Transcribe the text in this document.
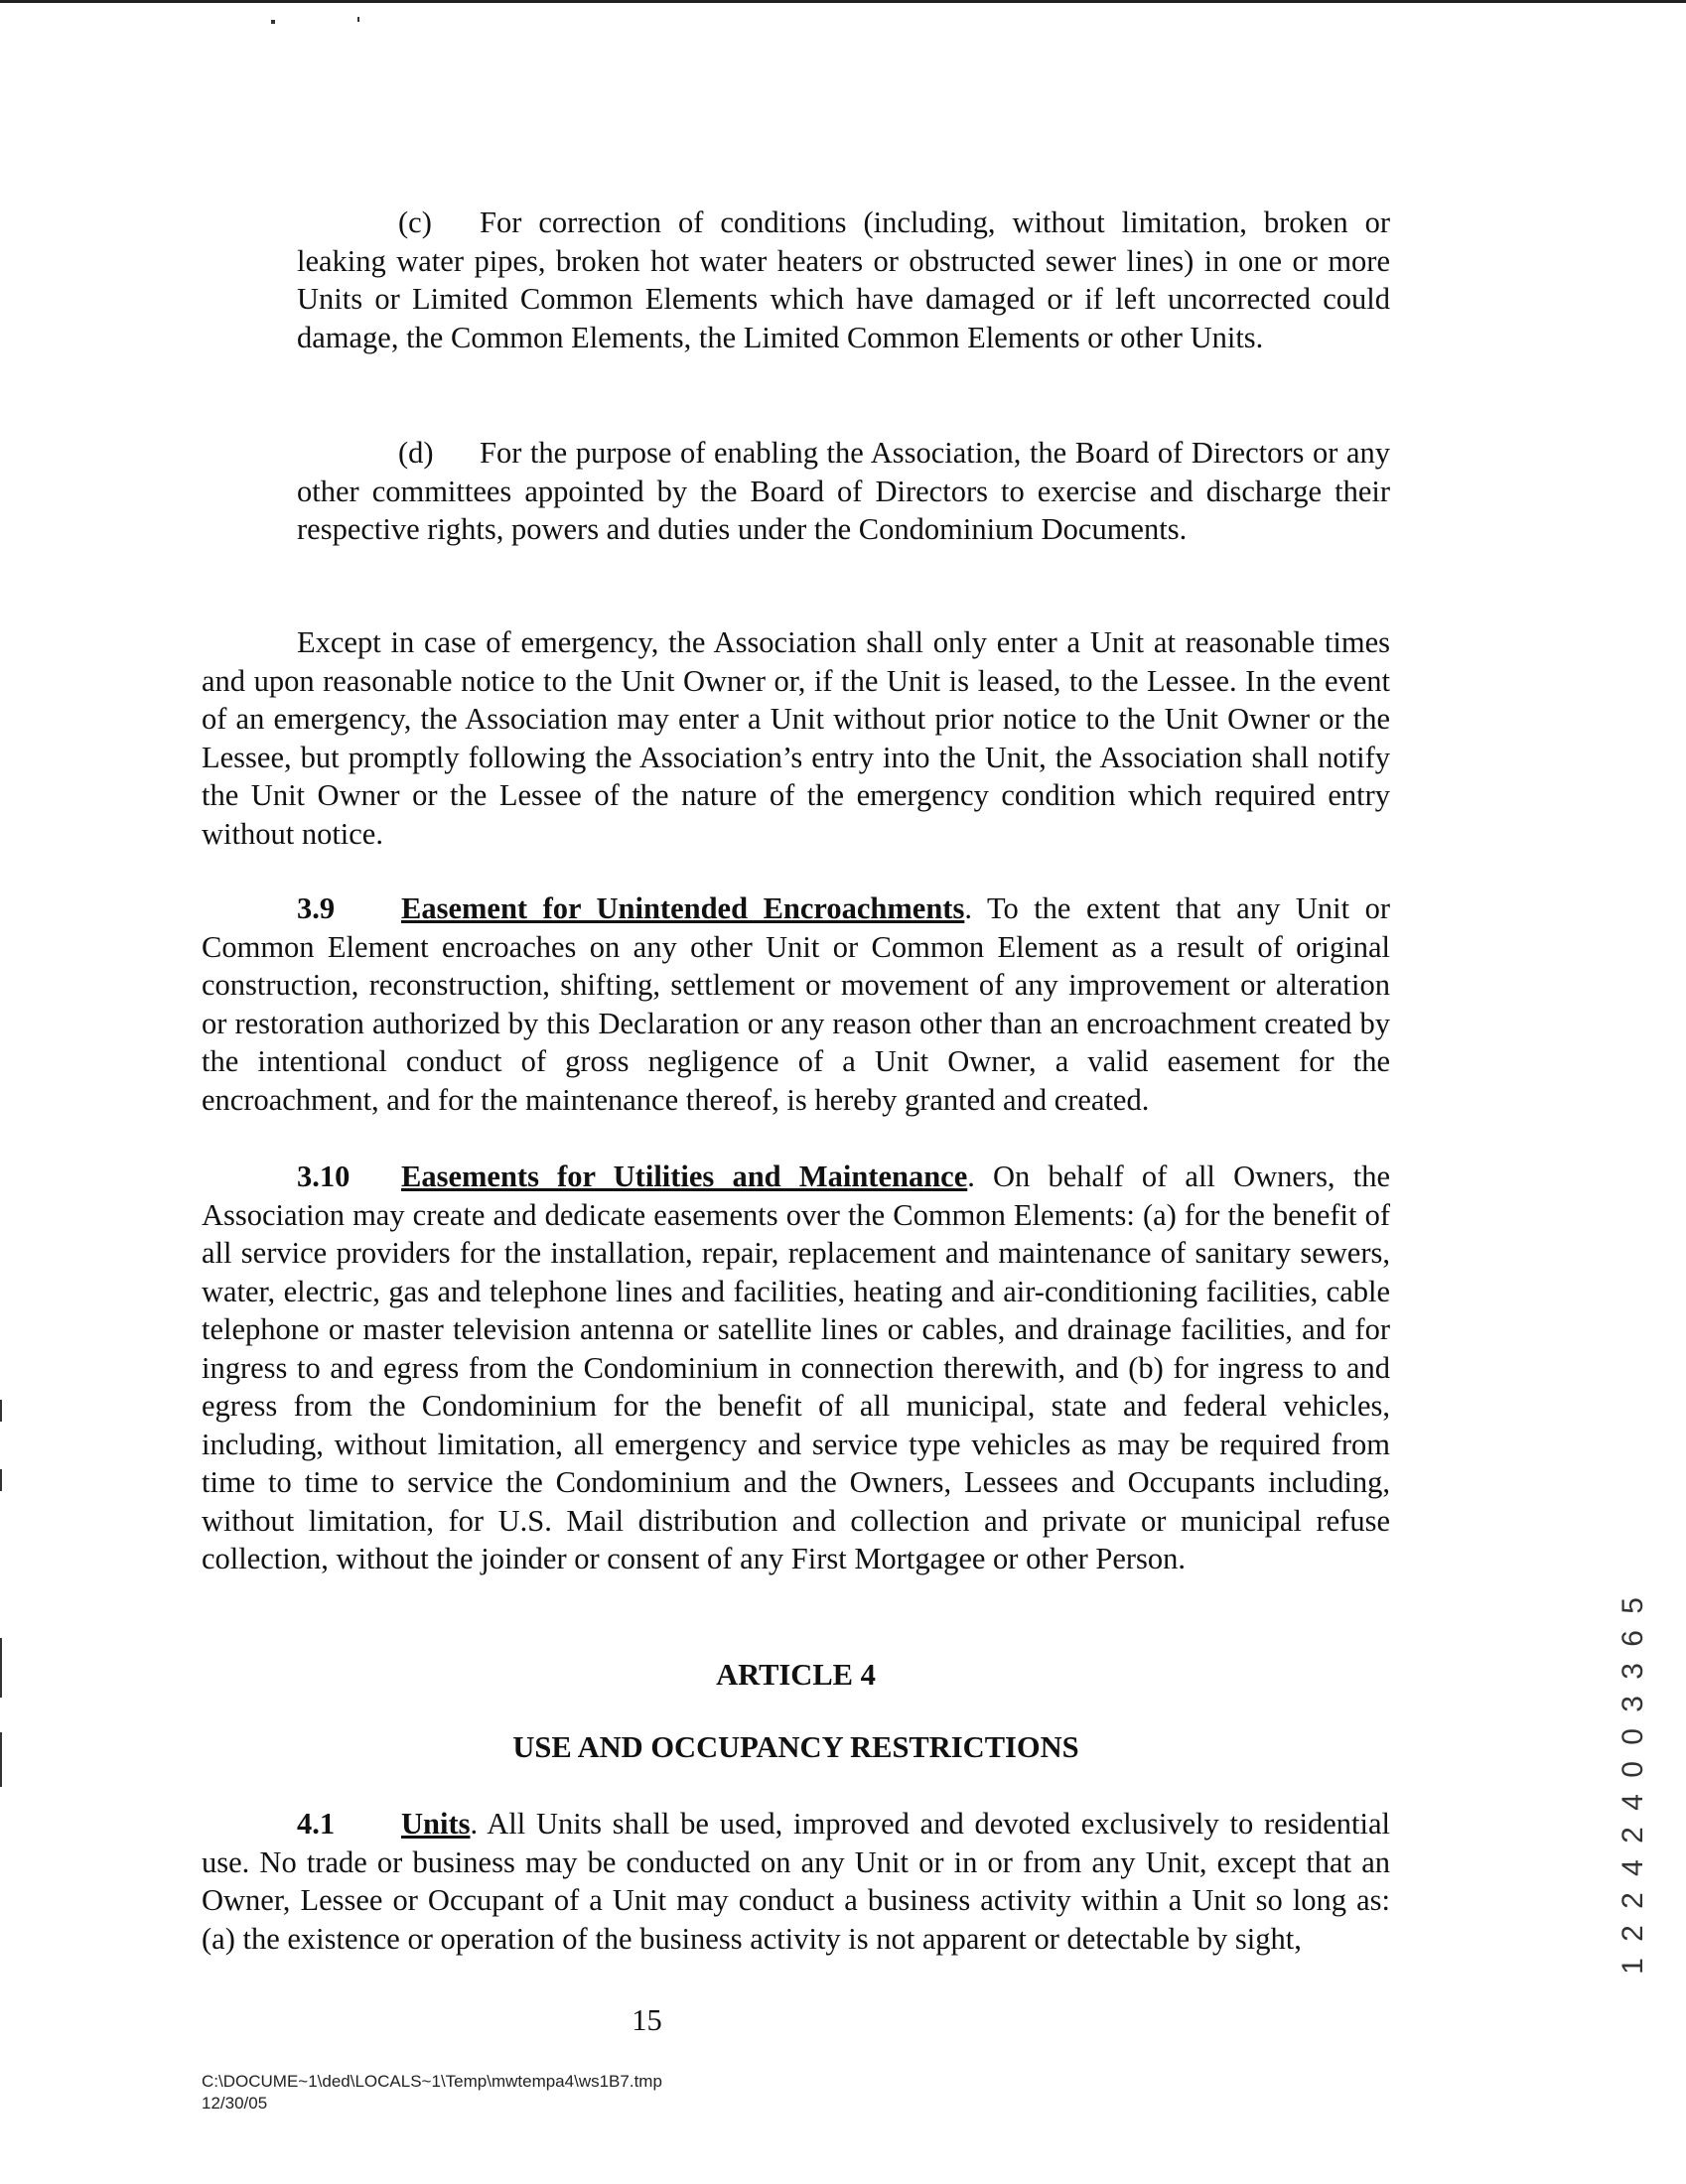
(c) For correction of conditions (including, without limitation, broken or leaking water pipes, broken hot water heaters or obstructed sewer lines) in one or more Units or Limited Common Elements which have damaged or if left uncorrected could damage, the Common Elements, the Limited Common Elements or other Units.

(d) For the purpose of enabling the Association, the Board of Directors or any other committees appointed by the Board of Directors to exercise and discharge their respective rights, powers and duties under the Condominium Documents.

Except in case of emergency, the Association shall only enter a Unit at reasonable times and upon reasonable notice to the Unit Owner or, if the Unit is leased, to the Lessee. In the event of an emergency, the Association may enter a Unit without prior notice to the Unit Owner or the Lessee, but promptly following the Association’s entry into the Unit, the Association shall notify the Unit Owner or the Lessee of the nature of the emergency condition which required entry without notice.

3.9 Easement for Unintended Encroachments. To the extent that any Unit or Common Element encroaches on any other Unit or Common Element as a result of original construction, reconstruction, shifting, settlement or movement of any improvement or alteration or restoration authorized by this Declaration or any reason other than an encroachment created by the intentional conduct of gross negligence of a Unit Owner, a valid easement for the encroachment, and for the maintenance thereof, is hereby granted and created.

3.10 Easements for Utilities and Maintenance. On behalf of all Owners, the Association may create and dedicate easements over the Common Elements: (a) for the benefit of all service providers for the installation, repair, replacement and maintenance of sanitary sewers, water, electric, gas and telephone lines and facilities, heating and air-conditioning facilities, cable telephone or master television antenna or satellite lines or cables, and drainage facilities, and for ingress to and egress from the Condominium in connection therewith, and (b) for ingress to and egress from the Condominium for the benefit of all municipal, state and federal vehicles, including, without limitation, all emergency and service type vehicles as may be required from time to time to service the Condominium and the Owners, Lessees and Occupants including, without limitation, for U.S. Mail distribution and collection and private or municipal refuse collection, without the joinder or consent of any First Mortgagee or other Person.

ARTICLE 4
USE AND OCCUPANCY RESTRICTIONS

4.1 Units. All Units shall be used, improved and devoted exclusively to residential use. No trade or business may be conducted on any Unit or in or from any Unit, except that an Owner, Lessee or Occupant of a Unit may conduct a business activity within a Unit so long as: (a) the existence or operation of the business activity is not apparent or detectable by sight,

15
C:\DOCUME~1\ded\LOCALS~1\Temp\mwtempa4\ws1B7.tmp
12/30/05
1 2 2 4 2 4 0 0 3 3 6 5
